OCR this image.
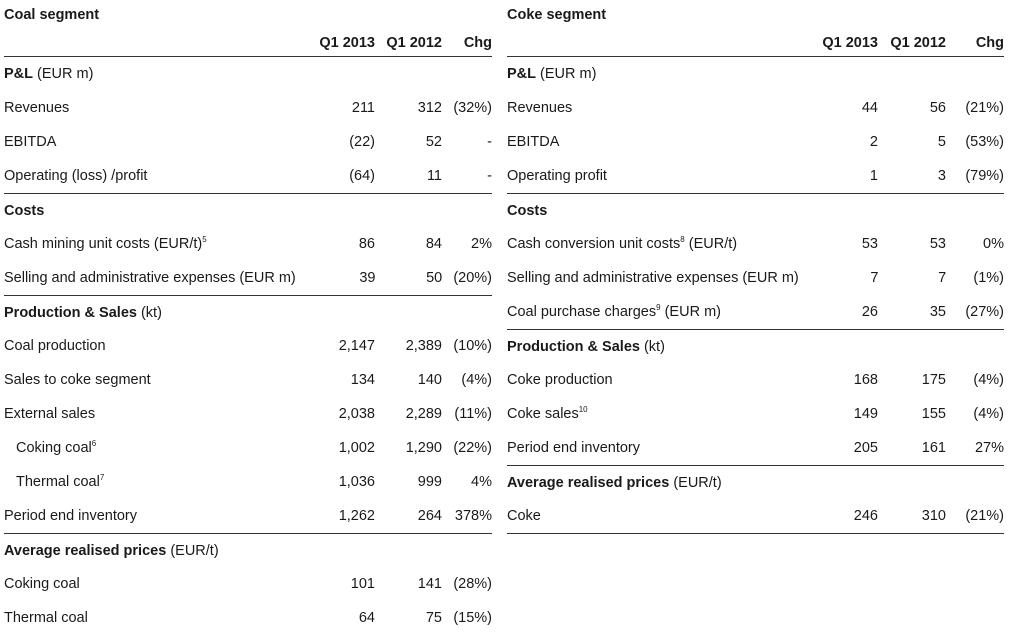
Coal segment
Q1 2013 Q1 2012	Chg
P&L (EUR m)
Revenues	211	312 (32%)
EBITDA	(22)	52	-
Operating (loss) /profit	(64)	11	-
Costs
Cash mining unit costs $(EUR/t)^5$	86	84	2%
Selling and administrative expenses (EUR m)	39	50 (20%)
Production & Sales (kt)
Coal production	2,147	2,389 (10%)
Sales to coke segment	134	140	(4%)
External sales	2,038	2,289 (11%)
Coking coal$^6$	1,002	1,290 (22%)
Thermal coal$^7$	1,036	999	4%
Period end inventory	1,262	264 378%
Average realised prices (EUR/t)
Coking coal	101	141 (28%)
Thermal coal	64	75 (15%)
Coke segment
Q1 2013 Q1 2012	Chg
P&L (EUR m)
Revenues	44	56	(21%)
EBITDA	2	5	(53%)
Operating profit	1	3	(79%)
Costs
Cash conversion unit costs$^8$ (EUR/t)	53	53	0%
Selling and administrative expenses (EUR m)	7	7	(1%)
Coal purchase charges$^9$ (EUR m)	26	35	(27%)
Production & Sales (kt)
Coke production	168	175	(4%)
Coke sales$^{10}$	149	155	(4%)
Period end inventory	205	161	27%
Average realised prices (EUR/t)
Coke	246	310	(21%)
